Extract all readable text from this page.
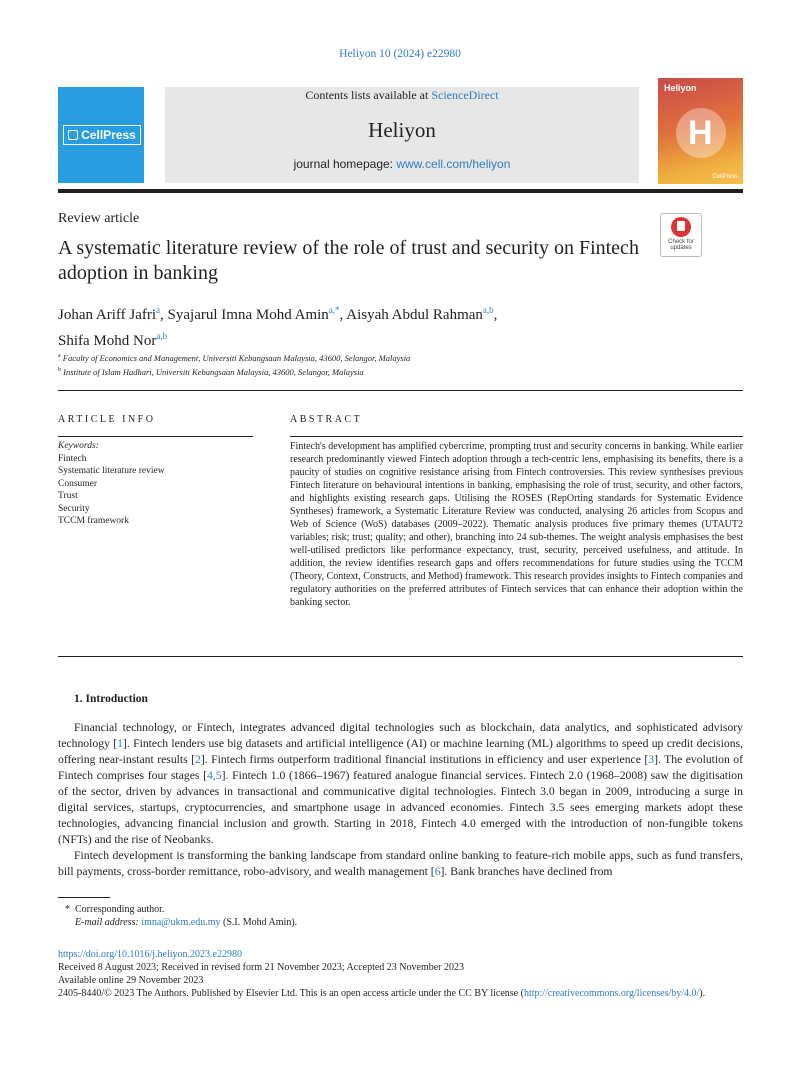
Heliyon 10 (2024) e22980
CellPress
Contents lists available at ScienceDirect
Heliyon
journal homepage: www.cell.com/heliyon
Heliyon
H
CellPress
Review article
Check for updates
A systematic literature review of the role of trust and security on Fintech adoption in banking
Johan Ariff Jafri$^a$, Syajarul Imna Mohd Amin$^{a,*}$, Aisyah Abdul Rahman$^{a,b}$,
Shifa Mohd Nor$^{a,b}$
$^a$ Faculty of Economics and Management, Universiti Kebangsaan Malaysia, 43600, Selangor, Malaysia
$^b$ Institute of Islam Hadhari, Universiti Kebangsaan Malaysia, 43600, Selangor, Malaysia
ARTICLE INFO	ABSTRACT
Keywords:
Fintech
Systematic literature review
Consumer
Trust
Security
TCCM framework
Fintech's development has amplified cybercrime, prompting trust and security concerns in banking. While earlier research predominantly viewed Fintech adoption through a tech-centric lens, emphasising its benefits, there is a paucity of studies on cognitive resistance arising from Fintech controversies. This review synthesises previous Fintech literature on behavioural intentions in banking, emphasising the role of trust, security, and other factors, and highlights existing research gaps. Utilising the ROSES (RepOrting standards for Systematic Evidence Syntheses) framework, a Systematic Literature Review was conducted, analysing 26 articles from Scopus and Web of Science (WoS) databases (2009–2022). Thematic analysis produces five primary themes (UTAUT2 variables; risk; trust; quality; and other), branching into 24 sub-themes. The weight analysis emphasises the best well-utilised predictors like performance expectancy, trust, security, perceived usefulness, and attitude. In addition, the review identifies research gaps and offers recommendations for future studies using the TCCM (Theory, Context, Constructs, and Method) framework. This research provides insights to Fintech companies and regulatory authorities on the preferred attributes of Fintech services that can enhance their adoption within the banking sector.
1. Introduction

Financial technology, or Fintech, integrates advanced digital technologies such as blockchain, data analytics, and sophisticated advisory technology [1]. Fintech lenders use big datasets and artificial intelligence (AI) or machine learning (ML) algorithms to speed up credit decisions, offering near-instant results [2]. Fintech firms outperform traditional financial institutions in efficiency and user experience [3]. The evolution of Fintech comprises four stages [4,5]. Fintech 1.0 (1866–1967) featured analogue financial services. Fintech 2.0 (1968–2008) saw the digitisation of the sector, driven by advances in transactional and communicative digital technologies. Fintech 3.0 began in 2009, introducing a surge in digital services, startups, cryptocurrencies, and smartphone usage in advanced economies. Fintech 3.5 sees emerging markets adopt these technologies, advancing financial inclusion and growth. Starting in 2018, Fintech 4.0 emerged with the introduction of non-fungible tokens (NFTs) and the rise of Neobanks.

Fintech development is transforming the banking landscape from standard online banking to feature-rich mobile apps, such as fund transfers, bill payments, cross-border remittance, robo-advisory, and wealth management [6]. Bank branches have declined from

* Corresponding author.
E-mail address: imna@ukm.edu.my (S.I. Mohd Amin).
https://doi.org/10.1016/j.heliyon.2023.e22980
Received 8 August 2023; Received in revised form 21 November 2023; Accepted 23 November 2023
Available online 29 November 2023
2405-8440/© 2023 The Authors. Published by Elsevier Ltd. This is an open access article under the CC BY license (http://creativecommons.org/licenses/by/4.0/).
